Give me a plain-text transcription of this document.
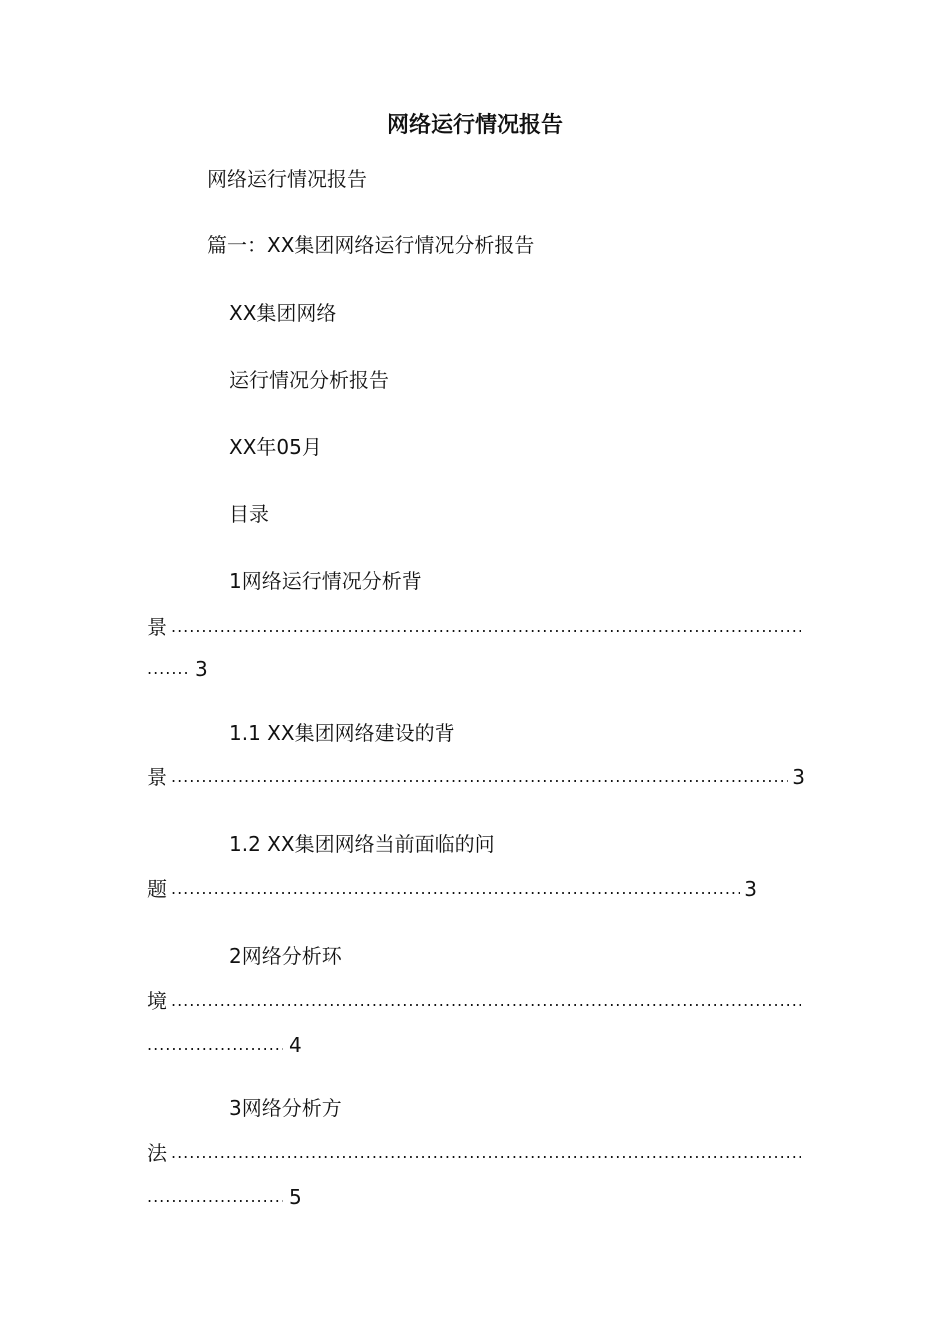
网络运行情况报告
网络运行情况报告
篇一：XX集团网络运行情况分析报告
XX集团网络
运行情况分析报告
XX年05月
目录
1网络运行情况分析背
景
.....
.....
3
1.1 XX集团网络建设的背
景 .....	3
1.2 XX集团网络当前面临的问
题 .....	3
2网络分析环
境
.....
.....
4
3网络分析方
法
.....
.....
5
